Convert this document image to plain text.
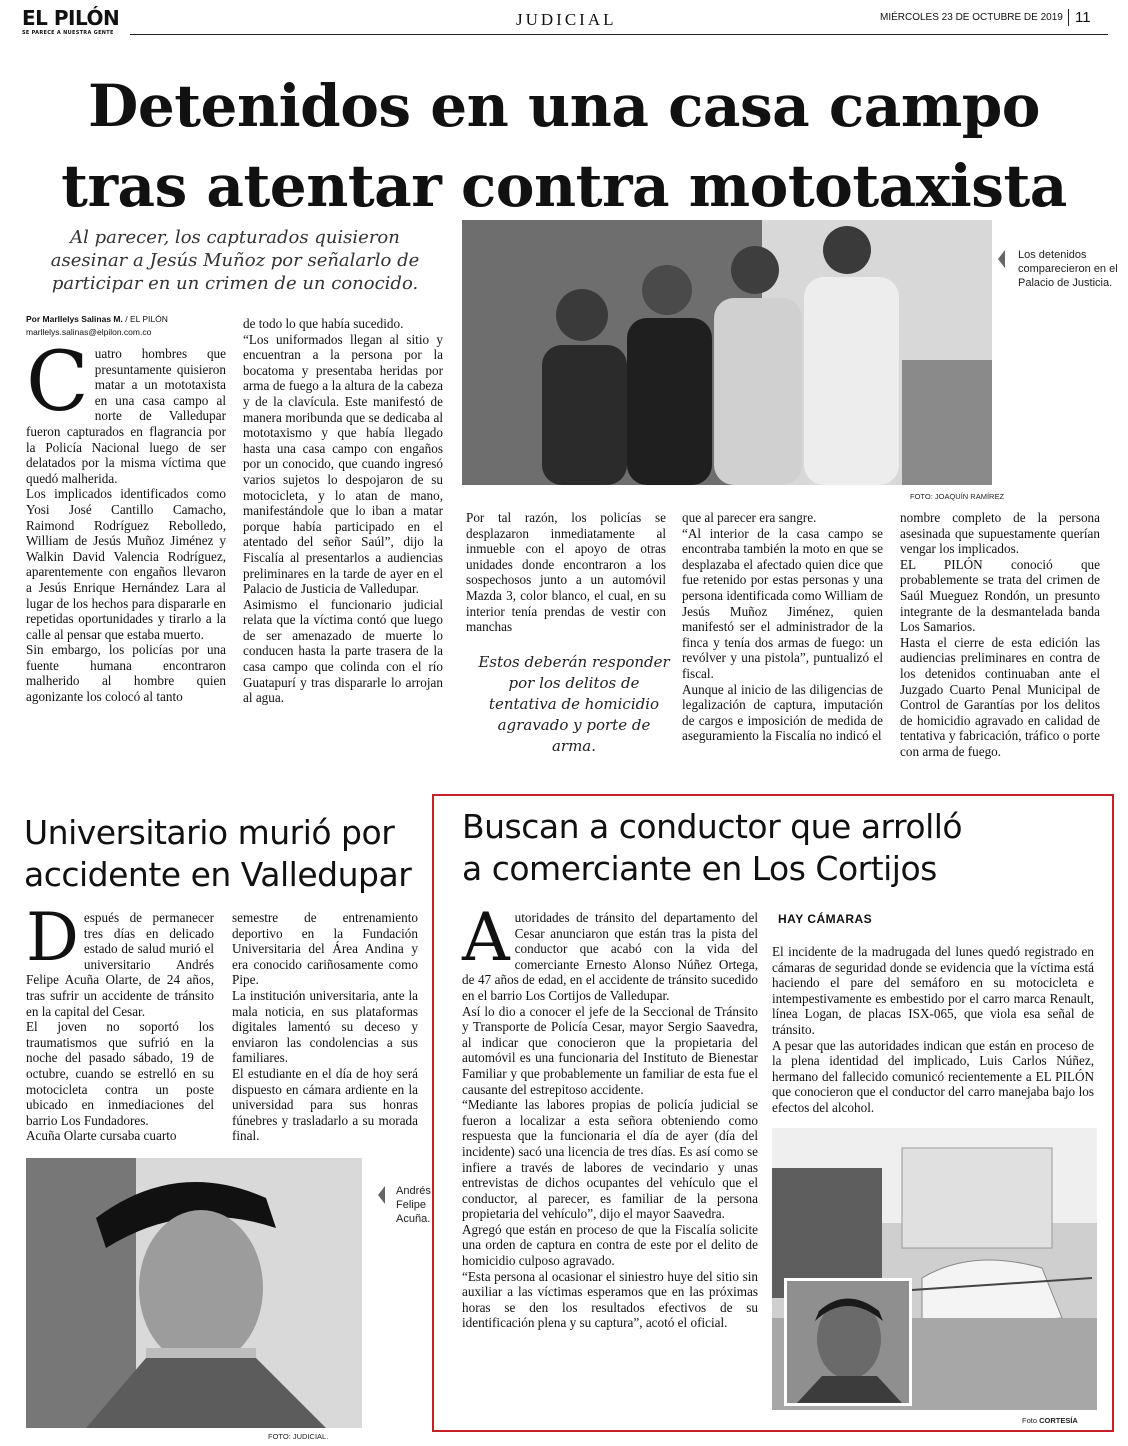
EL PILÓN
SE PARECE A NUESTRA GENTE
JUDICIAL	MIÉRCOLES 23 DE OCTUBRE DE 2019 11
Detenidos en una casa campo
tras atentar contra mototaxista
Al parecer, los capturados quisieron asesinar a Jesús Muñoz por señalarlo de participar en un crimen de un conocido.
Por Marllelys Salinas M. / EL PILÓN
marllelys.salinas@elpilon.com.co

Cuatro hombres que presuntamente quisieron matar a un mototaxista en una casa campo al norte de Valledupar fueron capturados en flagrancia por la Policía Nacional luego de ser delatados por la misma víctima que quedó malherida.

Los implicados identificados como Yosi José Cantillo Camacho, Raimond Rodríguez Rebolledo, William de Jesús Muñoz Jiménez y Walkin David Valencia Rodríguez, aparentemente con engaños llevaron a Jesús Enrique Hernández Lara al lugar de los hechos para dispararle en repetidas oportunidades y tirarlo a la calle al pensar que estaba muerto.

Sin embargo, los policías por una fuente humana encontraron malherido al hombre quien agonizante los colocó al tanto

de todo lo que había sucedido.

“Los uniformados llegan al sitio y encuentran a la persona por la bocatoma y presentaba heridas por arma de fuego a la altura de la cabeza y de la clavícula. Este manifestó de manera moribunda que se dedicaba al mototaxismo y que había llegado hasta una casa campo con engaños por un conocido, que cuando ingresó varios sujetos lo despojaron de su motocicleta, y lo atan de mano, manifestándole que lo iban a matar porque había participado en el atentado del señor Saúl”, dijo la Fiscalía al presentarlos a audiencias preliminares en la tarde de ayer en el Palacio de Justicia de Valledupar.

Asimismo el funcionario judicial relata que la víctima contó que luego de ser amenazado de muerte lo conducen hasta la parte trasera de la casa campo que colinda con el río Guatapurí y tras dispararle lo arrojan al agua.

Los detenidos comparecieron en el Palacio de Justicia.
FOTO: JOAQUÍN RAMÍREZ

Por tal razón, los policías se desplazaron inmediatamente al inmueble con el apoyo de otras unidades donde encontraron a los sospechosos junto a un automóvil Mazda 3, color blanco, el cual, en su interior tenía prendas de vestir con manchas

Estos deberán responder por los delitos de tentativa de homicidio agravado y porte de arma.

que al parecer era sangre.

“Al interior de la casa campo se encontraba también la moto en que se desplazaba el afectado quien dice que fue retenido por estas personas y una persona identificada como William de Jesús Muñoz Jiménez, quien manifestó ser el administrador de la finca y tenía dos armas de fuego: un revólver y una pistola”, puntualizó el fiscal.

Aunque al inicio de las diligencias de legalización de captura, imputación de cargos e imposición de medida de aseguramiento la Fiscalía no indicó el

nombre completo de la persona asesinada que supuestamente querían vengar los implicados.

EL PILÓN conoció que probablemente se trata del crimen de Saúl Mueguez Rondón, un presunto integrante de la desmantelada banda Los Samarios.

Hasta el cierre de esta edición las audiencias preliminares en contra de los detenidos continuaban ante el Juzgado Cuarto Penal Municipal de Control de Garantías por los delitos de homicidio agravado en calidad de tentativa y fabricación, tráfico o porte con arma de fuego.

Universitario murió por
accidente en Valledupar

Después de permanecer tres días en delicado estado de salud murió el universitario Andrés Felipe Acuña Olarte, de 24 años, tras sufrir un accidente de tránsito en la capital del Cesar.

El joven no soportó los traumatismos que sufrió en la noche del pasado sábado, 19 de octubre, cuando se estrelló en su motocicleta contra un poste ubicado en inmediaciones del barrio Los Fundadores.

Acuña Olarte cursaba cuarto

semestre de entrenamiento deportivo en la Fundación Universitaria del Área Andina y era conocido cariñosamente como Pipe.

La institución universitaria, ante la mala noticia, en sus plataformas digitales lamentó su deceso y enviaron las condolencias a sus familiares.

El estudiante en el día de hoy será dispuesto en cámara ardiente en la universidad para sus honras fúnebres y trasladarlo a su morada final.

Andrés Felipe Acuña.
FOTO: JUDICIAL.
Buscan a conductor que arrolló
a comerciante en Los Cortijos

Autoridades de tránsito del departamento del Cesar anunciaron que están tras la pista del conductor que acabó con la vida del comerciante Ernesto Alonso Núñez Ortega, de 47 años de edad, en el accidente de tránsito sucedido en el barrio Los Cortijos de Valledupar.

Así lo dio a conocer el jefe de la Seccional de Tránsito y Transporte de Policía Cesar, mayor Sergio Saavedra, al indicar que conocieron que la propietaria del automóvil es una funcionaria del Instituto de Bienestar Familiar y que probablemente un familiar de esta fue el causante del estrepitoso accidente.

“Mediante las labores propias de policía judicial se fueron a localizar a esta señora obteniendo como respuesta que la funcionaria el día de ayer (día del incidente) sacó una licencia de tres días. Es así como se infiere a través de labores de vecindario y unas entrevistas de dichos ocupantes del vehículo que el conductor, al parecer, es familiar de la persona propietaria del vehículo”, dijo el mayor Saavedra.

Agregó que están en proceso de que la Fiscalía solicite una orden de captura en contra de este por el delito de homicidio culposo agravado.

“Esta persona al ocasionar el siniestro huye del sitio sin auxiliar a las víctimas esperamos que en las próximas horas se den los resultados efectivos de su identificación plena y su captura”, acotó el oficial.

HAY CÁMARAS

El incidente de la madrugada del lunes quedó registrado en cámaras de seguridad donde se evidencia que la víctima está haciendo el pare del semáforo en su motocicleta e intempestivamente es embestido por el carro marca Renault, línea Logan, de placas ISX-065, que viola esa señal de tránsito.

A pesar que las autoridades indican que están en proceso de la plena identidad del implicado, Luis Carlos Núñez, hermano del fallecido comunicó recientemente a EL PILÓN que conocieron que el conductor del carro manejaba bajo los efectos del alcohol.

Foto CORTESÍA
